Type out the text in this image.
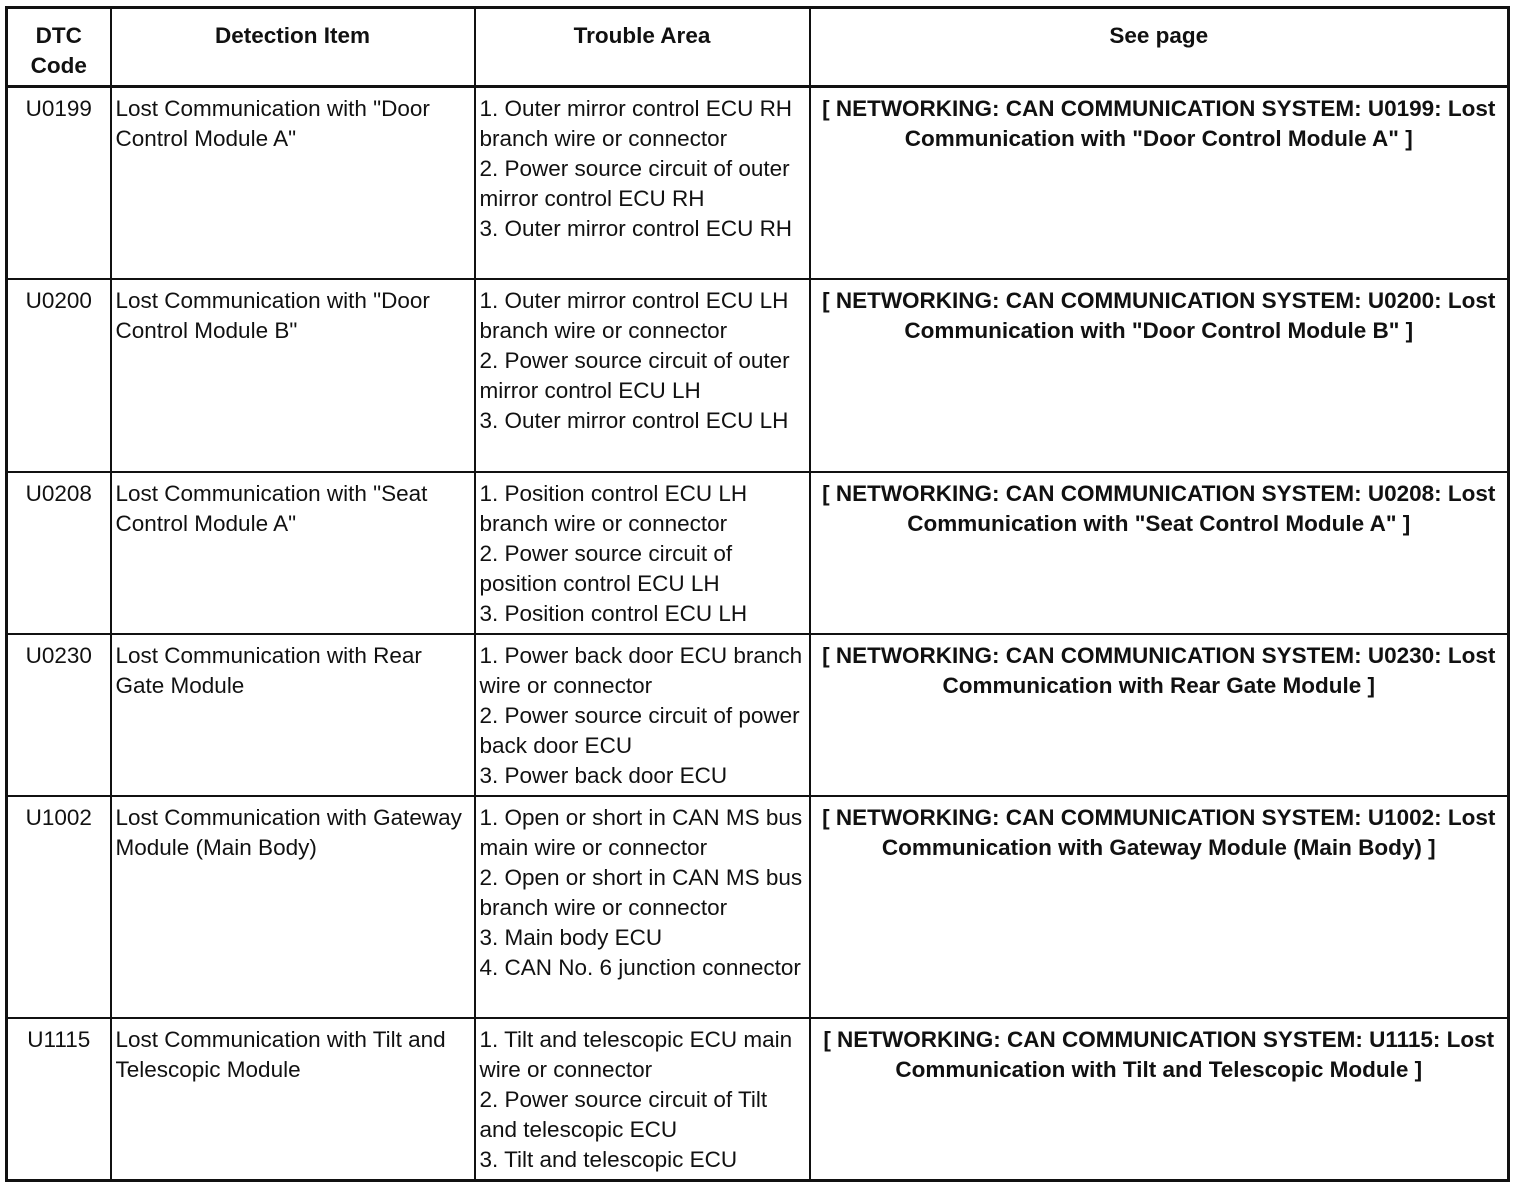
DTC Code	Detection Item	Trouble Area	See page
U0199	Lost Communication with "Door Control Module A"	1. Outer mirror control ECU RH branch wire or connector
2. Power source circuit of outer mirror control ECU RH
3. Outer mirror control ECU RH	[ NETWORKING: CAN COMMUNICATION SYSTEM: U0199: Lost Communication with "Door Control Module A" ]
U0200	Lost Communication with "Door Control Module B"	1. Outer mirror control ECU LH branch wire or connector
2. Power source circuit of outer mirror control ECU LH
3. Outer mirror control ECU LH	[ NETWORKING: CAN COMMUNICATION SYSTEM: U0200: Lost Communication with "Door Control Module B" ]
U0208	Lost Communication with "Seat Control Module A"	1. Position control ECU LH branch wire or connector
2. Power source circuit of position control ECU LH
3. Position control ECU LH	[ NETWORKING: CAN COMMUNICATION SYSTEM: U0208: Lost Communication with "Seat Control Module A" ]
U0230	Lost Communication with Rear Gate Module	1. Power back door ECU branch wire or connector
2. Power source circuit of power back door ECU
3. Power back door ECU	[ NETWORKING: CAN COMMUNICATION SYSTEM: U0230: Lost Communication with Rear Gate Module ]
U1002	Lost Communication with Gateway Module (Main Body)	1. Open or short in CAN MS bus main wire or connector
2. Open or short in CAN MS bus branch wire or connector
3. Main body ECU
4. CAN No. 6 junction connector	[ NETWORKING: CAN COMMUNICATION SYSTEM: U1002: Lost Communication with Gateway Module (Main Body) ]
U1115	Lost Communication with Tilt and Telescopic Module	1. Tilt and telescopic ECU main wire or connector
2. Power source circuit of Tilt and telescopic ECU
3. Tilt and telescopic ECU	[ NETWORKING: CAN COMMUNICATION SYSTEM: U1115: Lost Communication with Tilt and Telescopic Module ]
